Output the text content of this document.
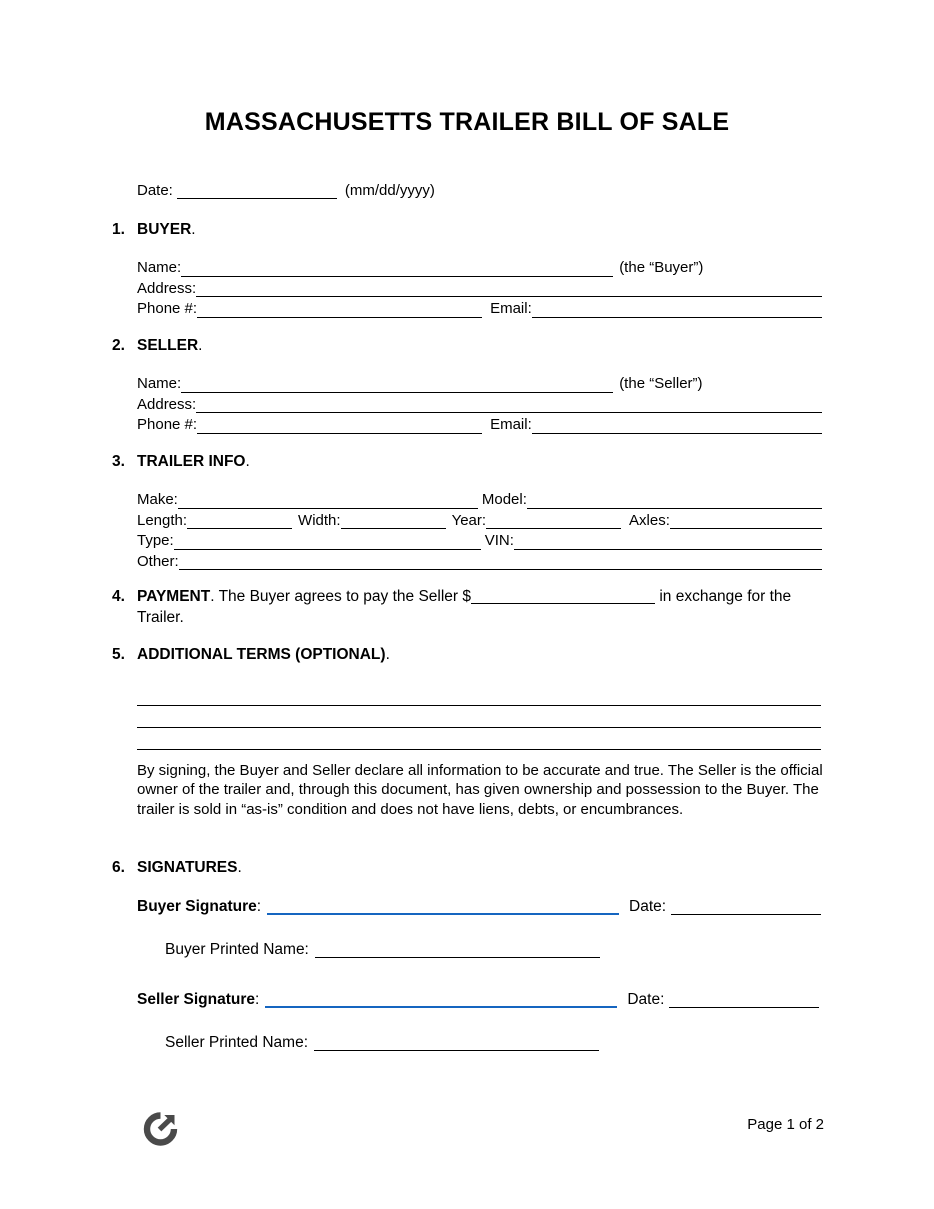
MASSACHUSETTS TRAILER BILL OF SALE
Date:	(mm/dd/yyyy)
1. BUYER.
Name:	(the “Buyer”)
Address:
Phone #:	Email:
2. SELLER.
Name:	(the “Seller”)
Address:
Phone #:	Email:
3. TRAILER INFO.
Make:	Model:
Length:	Width:	Year:	Axles:
Type:	VIN:
Other:
4. PAYMENT. The Buyer agrees to pay the Seller $	in exchange for the Trailer.
5. ADDITIONAL TERMS (OPTIONAL).
By signing, the Buyer and Seller declare all information to be accurate and true. The Seller is the official owner of the trailer and, through this document, has given ownership and possession to the Buyer. The trailer is sold in “as-is” condition and does not have liens, debts, or encumbrances.
6. SIGNATURES.
Buyer Signature :	Date:
Buyer Printed Name:
Seller Signature :	Date:
Seller Printed Name:
Page 1 of 2
